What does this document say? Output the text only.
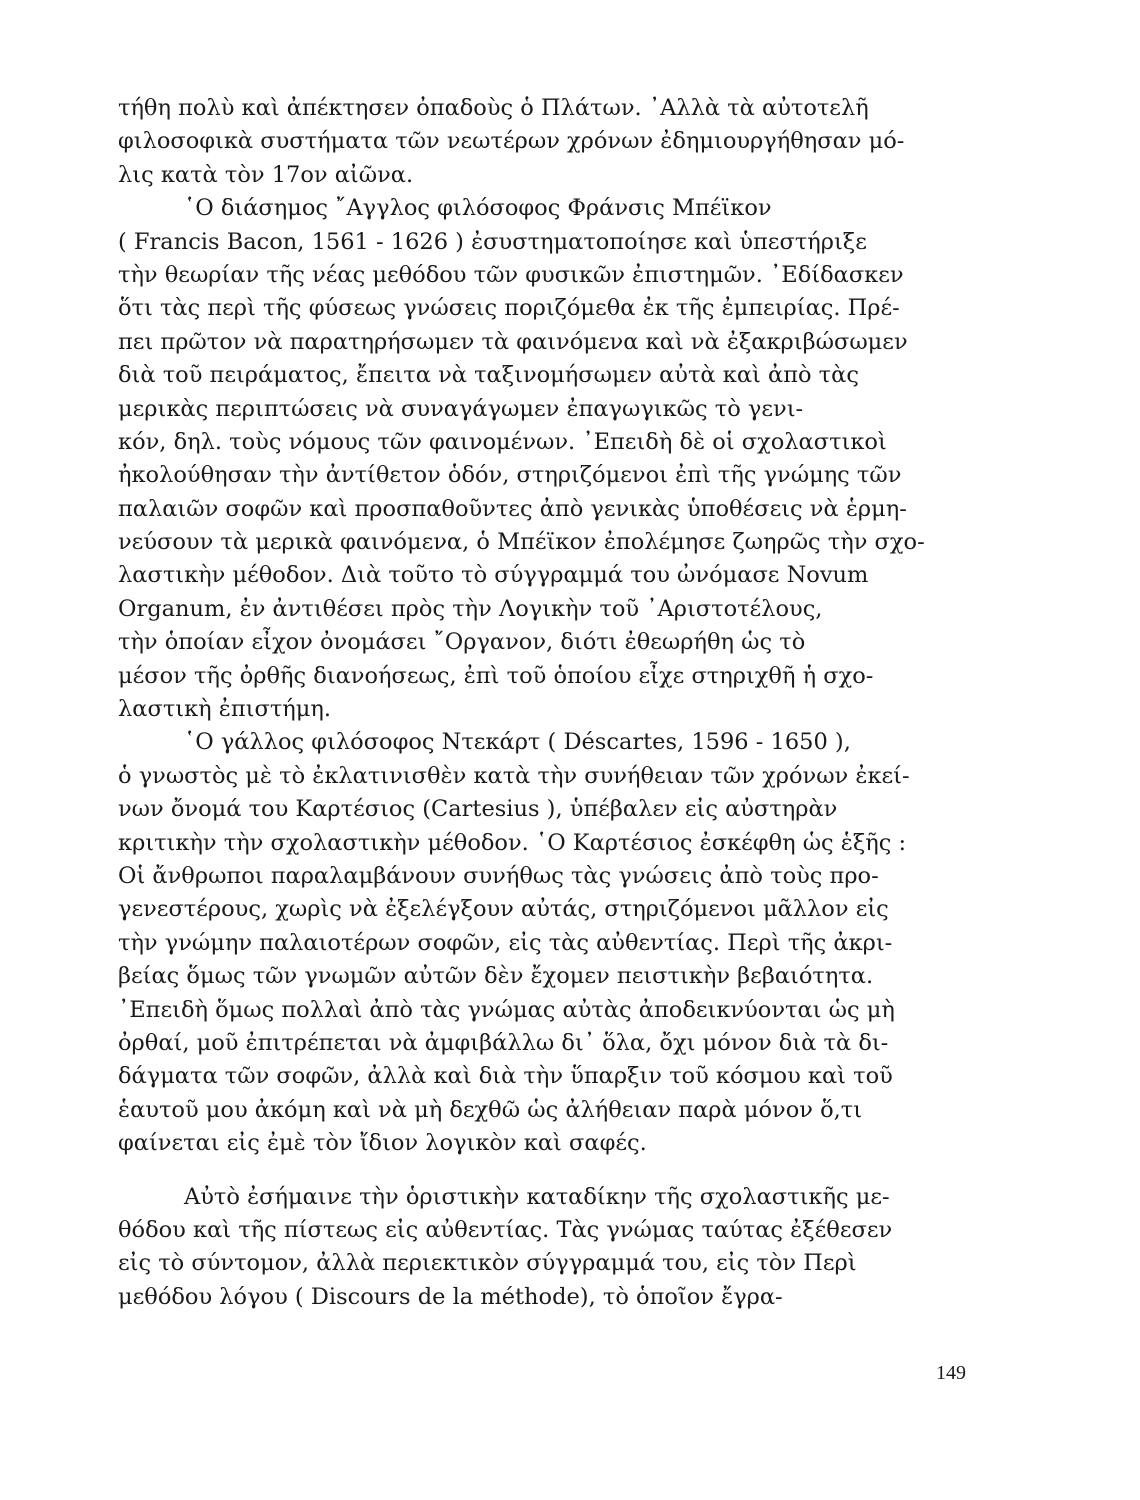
τήθη πολὺ καὶ ἀπέκτησεν ὀπαδοὺς ὁ Πλάτων. ᾿Αλλὰ τὰ αὐτοτελῆ
φιλοσοφικὰ συστήματα τῶν νεωτέρων χρόνων ἐδημιουργήθησαν μό-
λις κατὰ τὸν 17ον αἰῶνα.
῾Ο διάσημος ῎Αγγλος φιλόσοφος Φράνσις Μπέϊκον
( Francis Bacon, 1561 - 1626 ) ἐσυστηματοποίησε καὶ ὑπεστήριξε
τὴν θεωρίαν τῆς νέας μεθόδου τῶν φυσικῶν ἐπιστημῶν. ᾿Εδίδασκεν
ὅτι τὰς περὶ τῆς φύσεως γνώσεις ποριζόμεθα ἐκ τῆς ἐμπειρίας. Πρέ-
πει πρῶτον νὰ παρατηρήσωμεν τὰ φαινόμενα καὶ νὰ ἐξακριβώσωμεν
διὰ τοῦ πειράματος, ἔπειτα νὰ ταξινομήσωμεν αὐτὰ καὶ ἀπὸ τὰς
μερικὰς περιπτώσεις νὰ συναγάγωμεν ἐπαγωγικῶς τὸ γενι-
κόν, δηλ. τοὺς νόμους τῶν φαινομένων. ᾿Επειδὴ δὲ οἱ σχολαστικοὶ
ἠκολούθησαν τὴν ἀντίθετον ὁδόν, στηριζόμενοι ἐπὶ τῆς γνώμης τῶν
παλαιῶν σοφῶν καὶ προσπαθοῦντες ἀπὸ γενικὰς ὑποθέσεις νὰ ἑρμη-
νεύσουν τὰ μερικὰ φαινόμενα, ὁ Μπέϊκον ἐπολέμησε ζωηρῶς τὴν σχο-
λαστικὴν μέθοδον. Διὰ τοῦτο τὸ σύγγραμμά του ὠνόμασε Novum
Organum, ἐν ἀντιθέσει πρὸς τὴν Λογικὴν τοῦ ᾿Αριστοτέλους,
τὴν ὁποίαν εἶχον ὀνομάσει ῎Οργανον, διότι ἐθεωρήθη ὡς τὸ
μέσον τῆς ὀρθῆς διανοήσεως, ἐπὶ τοῦ ὁποίου εἶχε στηριχθῆ ἡ σχο-
λαστικὴ ἐπιστήμη.
῾Ο γάλλος φιλόσοφος Ντεκάρτ ( Déscartes, 1596 - 1650 ),
ὁ γνωστὸς μὲ τὸ ἐκλατινισθὲν κατὰ τὴν συνήθειαν τῶν χρόνων ἐκεί-
νων ὄνομά του Καρτέσιος (Cartesius ), ὑπέβαλεν εἰς αὐστηρὰν
κριτικὴν τὴν σχολαστικὴν μέθοδον. ῾Ο Καρτέσιος ἐσκέφθη ὡς ἑξῆς :
Οἱ ἄνθρωποι παραλαμβάνουν συνήθως τὰς γνώσεις ἀπὸ τοὺς προ-
γενεστέρους, χωρὶς νὰ ἐξελέγξουν αὐτάς, στηριζόμενοι μᾶλλον εἰς
τὴν γνώμην παλαιοτέρων σοφῶν, εἰς τὰς αὐθεντίας. Περὶ τῆς ἀκρι-
βείας ὅμως τῶν γνωμῶν αὐτῶν δὲν ἔχομεν πειστικὴν βεβαιότητα.
᾿Επειδὴ ὅμως πολλαὶ ἀπὸ τὰς γνώμας αὐτὰς ἀποδεικνύονται ὡς μὴ
ὀρθαί, μοῦ ἐπιτρέπεται νὰ ἀμφιβάλλω δι᾿ ὅλα, ὄχι μόνον διὰ τὰ δι-
δάγματα τῶν σοφῶν, ἀλλὰ καὶ διὰ τὴν ὕπαρξιν τοῦ κόσμου καὶ τοῦ
ἑαυτοῦ μου ἀκόμη καὶ νὰ μὴ δεχθῶ ὡς ἀλήθειαν παρὰ μόνον ὅ,τι
φαίνεται εἰς ἐμὲ τὸν ἴδιον λογικὸν καὶ σαφές.
Αὐτὸ ἐσήμαινε τὴν ὁριστικὴν καταδίκην τῆς σχολαστικῆς με-
θόδου καὶ τῆς πίστεως εἰς αὐθεντίας. Τὰς γνώμας ταύτας ἐξέθεσεν
εἰς τὸ σύντομον, ἀλλὰ περιεκτικὸν σύγγραμμά του, εἰς τὸν Περὶ
μεθόδου λόγου ( Discours de la méthode), τὸ ὁποῖον ἔγρα-
149
